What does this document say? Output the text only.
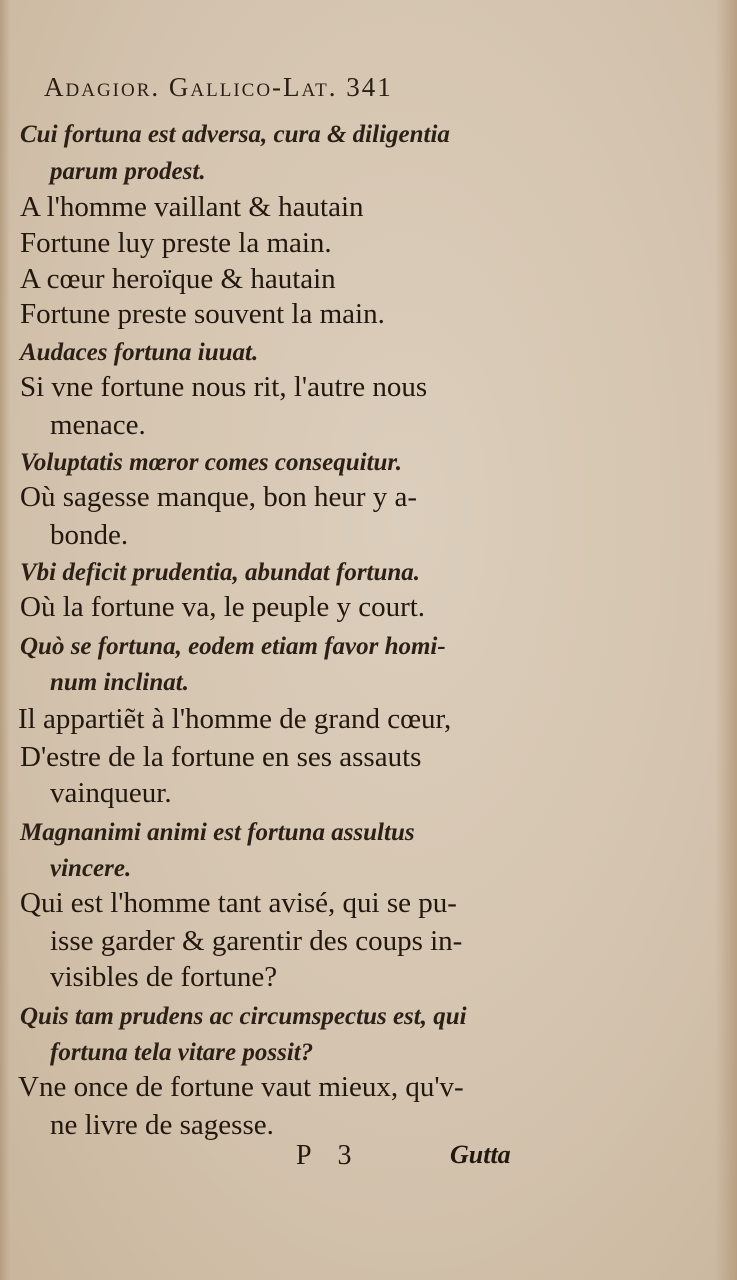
Adagior. Gallico-Lat. 341
Cui fortuna est adversa, cura & diligentia
parum prodest.
A l'homme vaillant & hautain
Fortune luy preste la main.
A cœur heroïque & hautain
Fortune preste souvent la main.
Audaces fortuna iuuat.
Si vne fortune nous rit, l'autre nous
menace.
Voluptatis mœror comes consequitur.
Où sagesse manque, bon heur y a-
bonde.
Vbi deficit prudentia, abundat fortuna.
Où la fortune va, le peuple y court.
Quò se fortuna, eodem etiam favor homi-
num inclinat.
Il appartiẽt à l'homme de grand cœur,
D'estre de la fortune en ses assauts
vainqueur.
Magnanimi animi est fortuna assultus
vincere.
Qui est l'homme tant avisé, qui se pu-
isse garder & garentir des coups in-
visibles de fortune?
Quis tam prudens ac circumspectus est, qui
fortuna tela vitare possit?
Vne once de fortune vaut mieux, qu'v-
ne livre de sagesse.
P 3	Gutta
